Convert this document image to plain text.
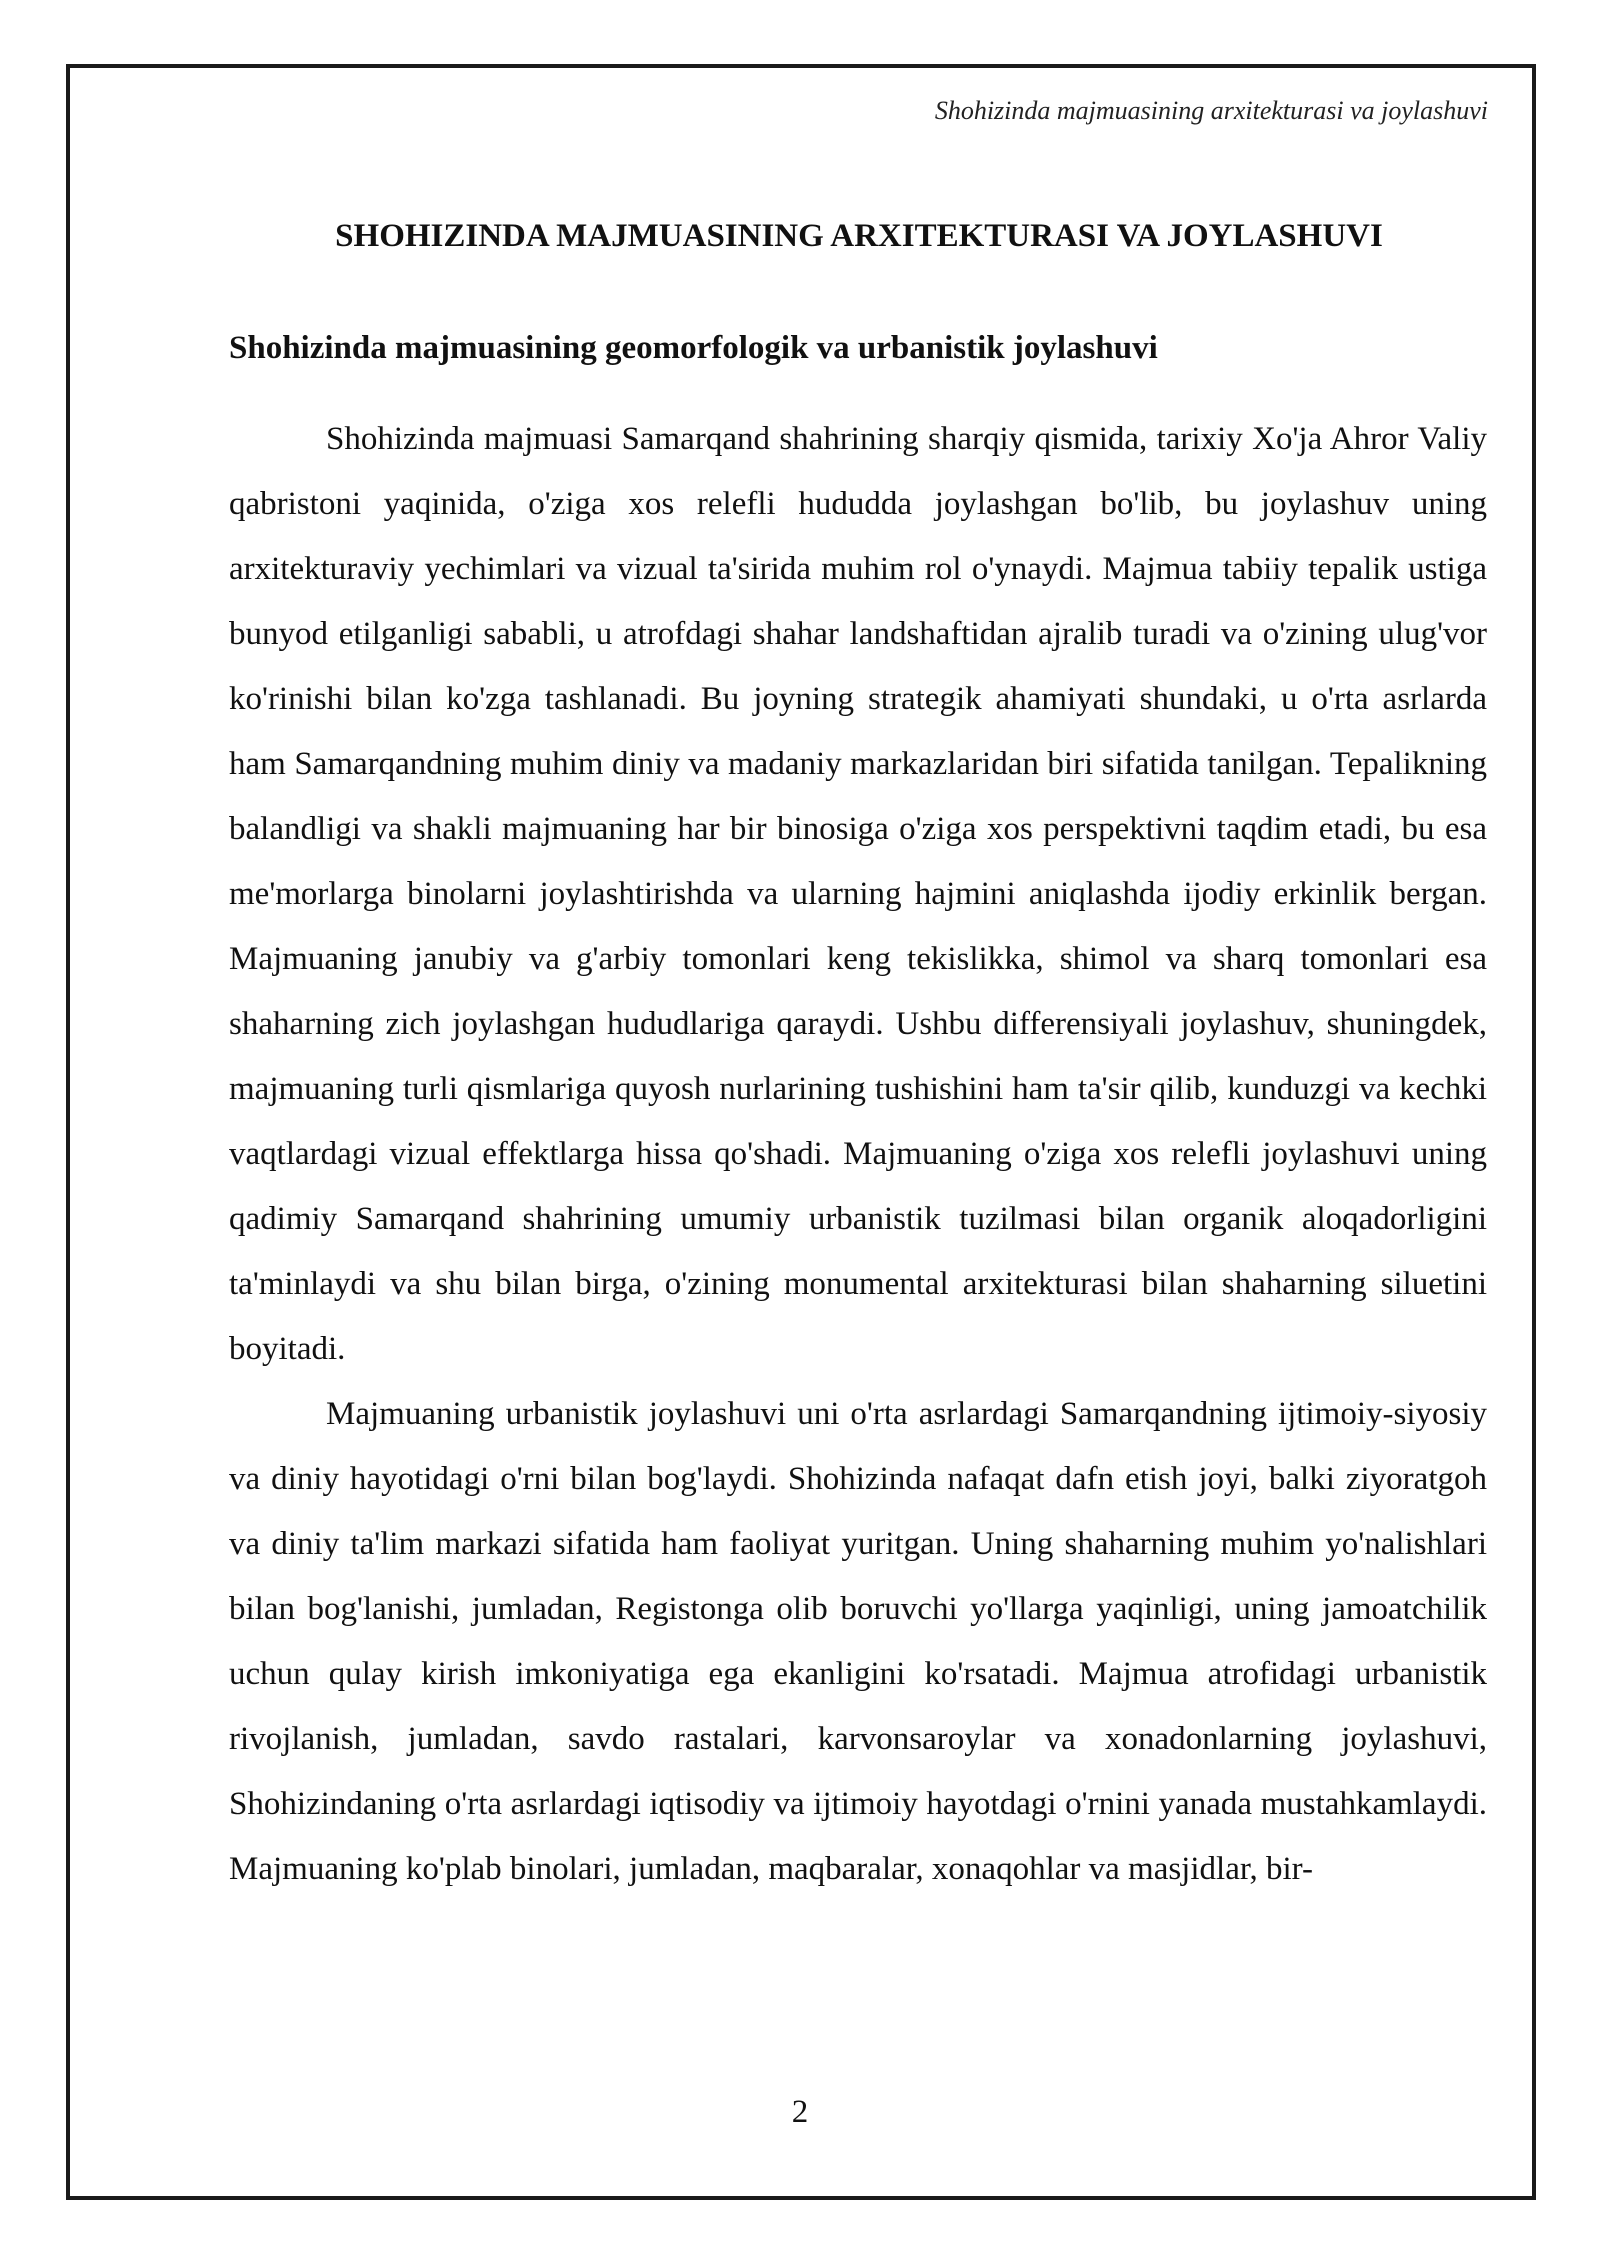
Shohizinda majmuasining arxitekturasi va joylashuvi
SHOHIZINDA MAJMUASINING ARXITEKTURASI VA JOYLASHUVI
Shohizinda majmuasining geomorfologik va urbanistik joylashuvi

Shohizinda majmuasi Samarqand shahrining sharqiy qismida, tarixiy Xo'ja Ahror Valiy qabristoni yaqinida, o'ziga xos relefli hududda joylashgan bo'lib, bu joylashuv uning arxitekturaviy yechimlari va vizual ta'sirida muhim rol o'ynaydi. Majmua tabiiy tepalik ustiga bunyod etilganligi sababli, u atrofdagi shahar landshaftidan ajralib turadi va o'zining ulug'vor ko'rinishi bilan ko'zga tashlanadi. Bu joyning strategik ahamiyati shundaki, u o'rta asrlarda ham Samarqandning muhim diniy va madaniy markazlaridan biri sifatida tanilgan. Tepalikning balandligi va shakli majmuaning har bir binosiga o'ziga xos perspektivni taqdim etadi, bu esa me'morlarga binolarni joylashtirishda va ularning hajmini aniqlashda ijodiy erkinlik bergan. Majmuaning janubiy va g'arbiy tomonlari keng tekislikka, shimol va sharq tomonlari esa shaharning zich joylashgan hududlariga qaraydi. Ushbu differensiyali joylashuv, shuningdek, majmuaning turli qismlariga quyosh nurlarining tushishini ham ta'sir qilib, kunduzgi va kechki vaqtlardagi vizual effektlarga hissa qo'shadi. Majmuaning o'ziga xos relefli joylashuvi uning qadimiy Samarqand shahrining umumiy urbanistik tuzilmasi bilan organik aloqadorligini ta'minlaydi va shu bilan birga, o'zining monumental arxitekturasi bilan shaharning siluetini boyitadi.

Majmuaning urbanistik joylashuvi uni o'rta asrlardagi Samarqandning ijtimoiy-siyosiy va diniy hayotidagi o'rni bilan bog'laydi. Shohizinda nafaqat dafn etish joyi, balki ziyoratgoh va diniy ta'lim markazi sifatida ham faoliyat yuritgan. Uning shaharning muhim yo'nalishlari bilan bog'lanishi, jumladan, Registonga olib boruvchi yo'llarga yaqinligi, uning jamoatchilik uchun qulay kirish imkoniyatiga ega ekanligini ko'rsatadi. Majmua atrofidagi urbanistik rivojlanish, jumladan, savdo rastalari, karvonsaroylar va xonadonlarning joylashuvi, Shohizindaning o'rta asrlardagi iqtisodiy va ijtimoiy hayotdagi o'rnini yanada mustahkamlaydi. Majmuaning ko'plab binolari, jumladan, maqbaralar, xonaqohlar va masjidlar, bir-

2
